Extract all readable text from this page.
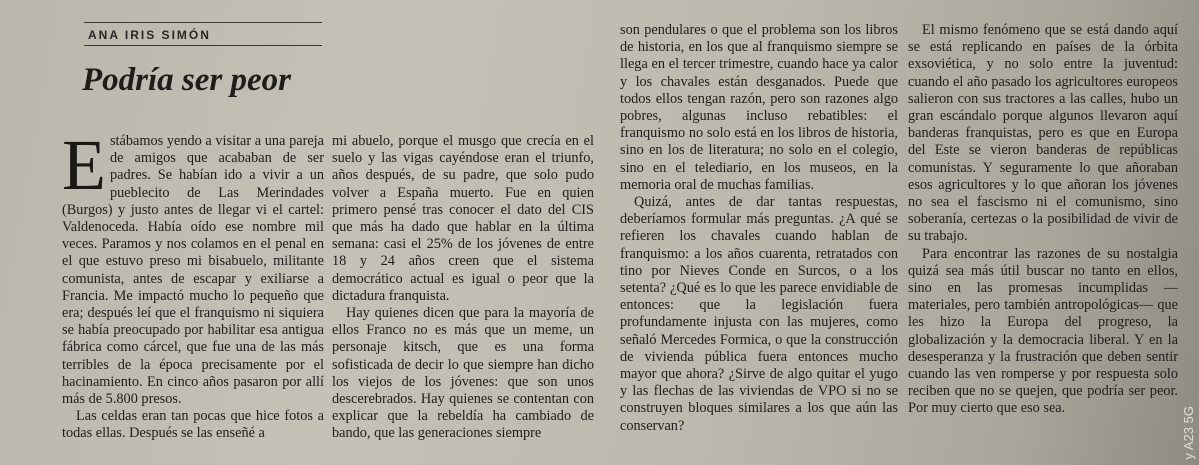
ANA IRIS SIMÓN
Podría ser peor

Estábamos yendo a visitar a una pareja de amigos que acababan de ser padres. Se habían ido a vivir a un pueblecito de Las Merindades (Burgos) y justo antes de llegar vi el cartel: Valdenoceda. Había oído ese nombre mil veces. Paramos y nos colamos en el penal en el que estuvo preso mi bisabuelo, militante comunista, antes de escapar y exiliarse a Francia. Me impactó mucho lo pequeño que era; después leí que el franquismo ni siquiera se había preocupado por habilitar esa antigua fábrica como cárcel, que fue una de las más terribles de la época precisamente por el hacinamiento. En cinco años pasaron por allí más de 5.800 presos.

Las celdas eran tan pocas que hice fotos a todas ellas. Después se las enseñé a

mi abuelo, porque el musgo que crecía en el suelo y las vigas cayéndose eran el triunfo, años después, de su padre, que solo pudo volver a España muerto. Fue en quien primero pensé tras conocer el dato del CIS que más ha dado que hablar en la última semana: casi el 25% de los jóvenes de entre 18 y 24 años creen que el sistema democrático actual es igual o peor que la dictadura franquista.

Hay quienes dicen que para la mayoría de ellos Franco no es más que un meme, un personaje kitsch, que es una forma sofisticada de decir lo que siempre han dicho los viejos de los jóvenes: que son unos descerebrados. Hay quienes se contentan con explicar que la rebeldía ha cambiado de bando, que las generaciones siempre

son pendulares o que el problema son los libros de historia, en los que al franquismo siempre se llega en el tercer trimestre, cuando hace ya calor y los chavales están desganados. Puede que todos ellos tengan razón, pero son razones algo pobres, algunas incluso rebatibles: el franquismo no solo está en los libros de historia, sino en los de literatura; no solo en el colegio, sino en el telediario, en los museos, en la memoria oral de muchas familias.

Quizá, antes de dar tantas respuestas, deberíamos formular más preguntas. ¿A qué se refieren los chavales cuando hablan de franquismo: a los años cuarenta, retratados con tino por Nieves Conde en Surcos, o a los setenta? ¿Qué es lo que les parece envidiable de entonces: que la legislación fuera profundamente injusta con las mujeres, como señaló Mercedes Formica, o que la construcción de vivienda pública fuera entonces mucho mayor que ahora? ¿Sirve de algo quitar el yugo y las flechas de las viviendas de VPO si no se construyen bloques similares a los que aún las conservan?

El mismo fenómeno que se está dando aquí se está replicando en países de la órbita exsoviética, y no solo entre la juventud: cuando el año pasado los agricultores europeos salieron con sus tractores a las calles, hubo un gran escándalo porque algunos llevaron aquí banderas franquistas, pero es que en Europa del Este se vieron banderas de repúblicas comunistas. Y seguramente lo que añoraban esos agricultores y lo que añoran los jóvenes no sea el fascismo ni el comunismo, sino soberanía, certezas o la posibilidad de vivir de su trabajo.

Para encontrar las razones de su nostalgia quizá sea más útil buscar no tanto en ellos, sino en las promesas incumplidas —materiales, pero también antropológicas— que les hizo la Europa del progreso, la globalización y la democracia liberal. Y en la desesperanza y la frustración que deben sentir cuando las ven romperse y por respuesta solo reciben que no se quejen, que podría ser peor. Por muy cierto que eso sea.	y A23 5G
